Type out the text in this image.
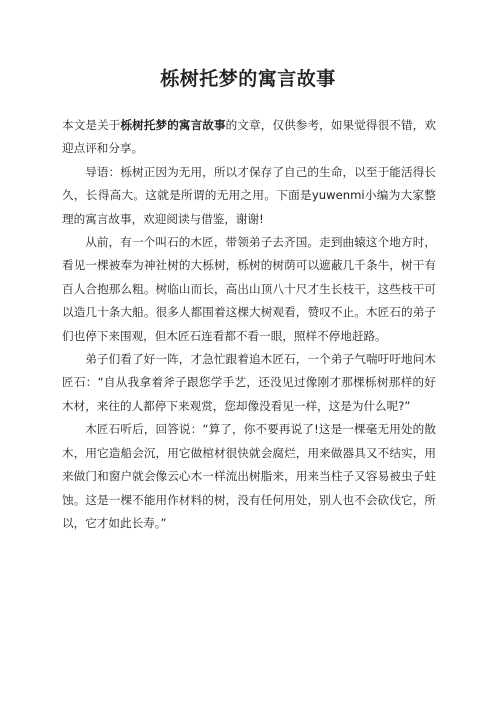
栎树托梦的寓言故事

本文是关于栎树托梦的寓言故事的文章，仅供参考，如果觉得很不错，欢迎点评和分享。

导语：栎树正因为无用，所以才保存了自己的生命，以至于能活得长久，长得高大。这就是所谓的无用之用。下面是yuwenmi小编为大家整理的寓言故事，欢迎阅读与借鉴，谢谢!

从前，有一个叫石的木匠，带领弟子去齐国。走到曲辕这个地方时，看见一棵被奉为神社树的大栎树，栎树的树荫可以遮蔽几千条牛，树干有百人合抱那么粗。树临山而长，高出山顶八十尺才生长枝干，这些枝干可以造几十条大船。很多人都围着这棵大树观看，赞叹不止。木匠石的弟子们也停下来围观，但木匠石连看都不看一眼，照样不停地赶路。

弟子们看了好一阵，才急忙跟着追木匠石，一个弟子气喘吁吁地问木匠石：“自从我拿着斧子跟您学手艺，还没见过像刚才那棵栎树那样的好木材，来往的人都停下来观赏，您却像没看见一样，这是为什么呢?”

木匠石听后，回答说：“算了，你不要再说了!这是一棵毫无用处的散木，用它造船会沉，用它做棺材很快就会腐烂，用来做器具又不结实，用来做门和窗户就会像云心木一样流出树脂来，用来当柱子又容易被虫子蛀蚀。这是一棵不能用作材料的树，没有任何用处，别人也不会砍伐它，所以，它才如此长寿。”
